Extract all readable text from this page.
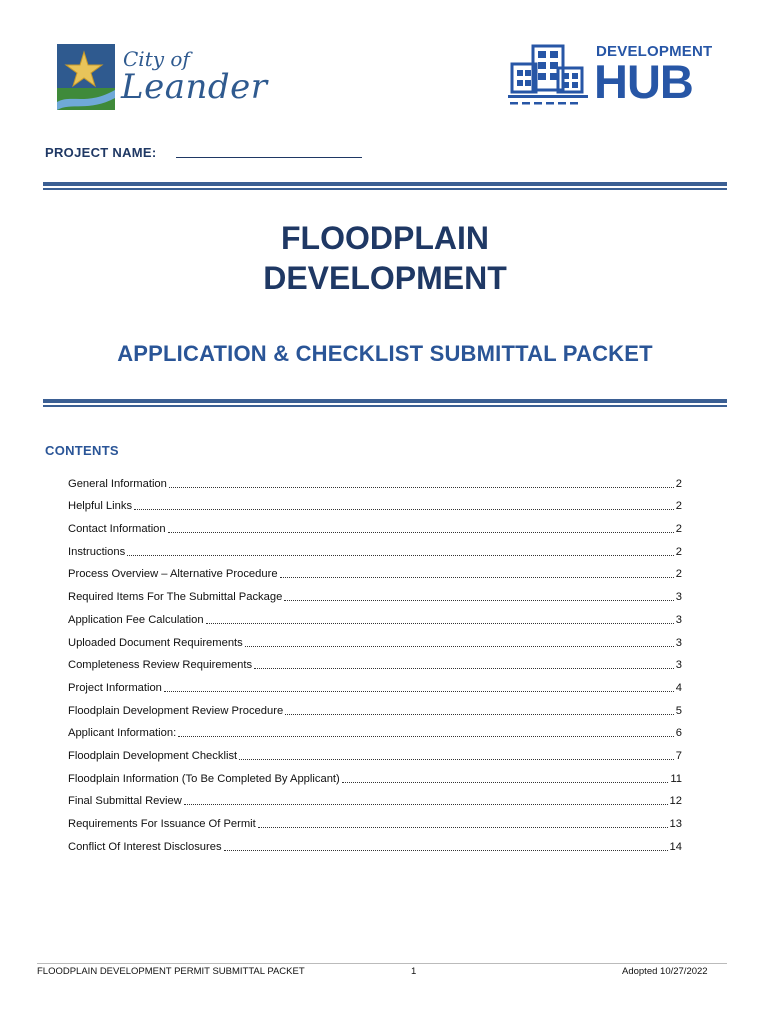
City of
Leander
DEVELOPMENT
HUB
PROJECT NAME:
FLOODPLAIN
DEVELOPMENT
APPLICATION & CHECKLIST SUBMITTAL PACKET
CONTENTS
General Information	2
Helpful Links	2
Contact Information	2
Instructions	2
Process Overview – Alternative Procedure	2
Required Items For The Submittal Package	3
Application Fee Calculation	3
Uploaded Document Requirements	3
Completeness Review Requirements	3
Project Information	4
Floodplain Development Review Procedure	5
Applicant Information:	6
Floodplain Development Checklist	7
Floodplain Information (To Be Completed By Applicant)	11
Final Submittal Review	12
Requirements For Issuance Of Permit	13
Conflict Of Interest Disclosures	14
FLOODPLAIN DEVELOPMENT PERMIT SUBMITTAL PACKET	1	Adopted 10/27/2022
